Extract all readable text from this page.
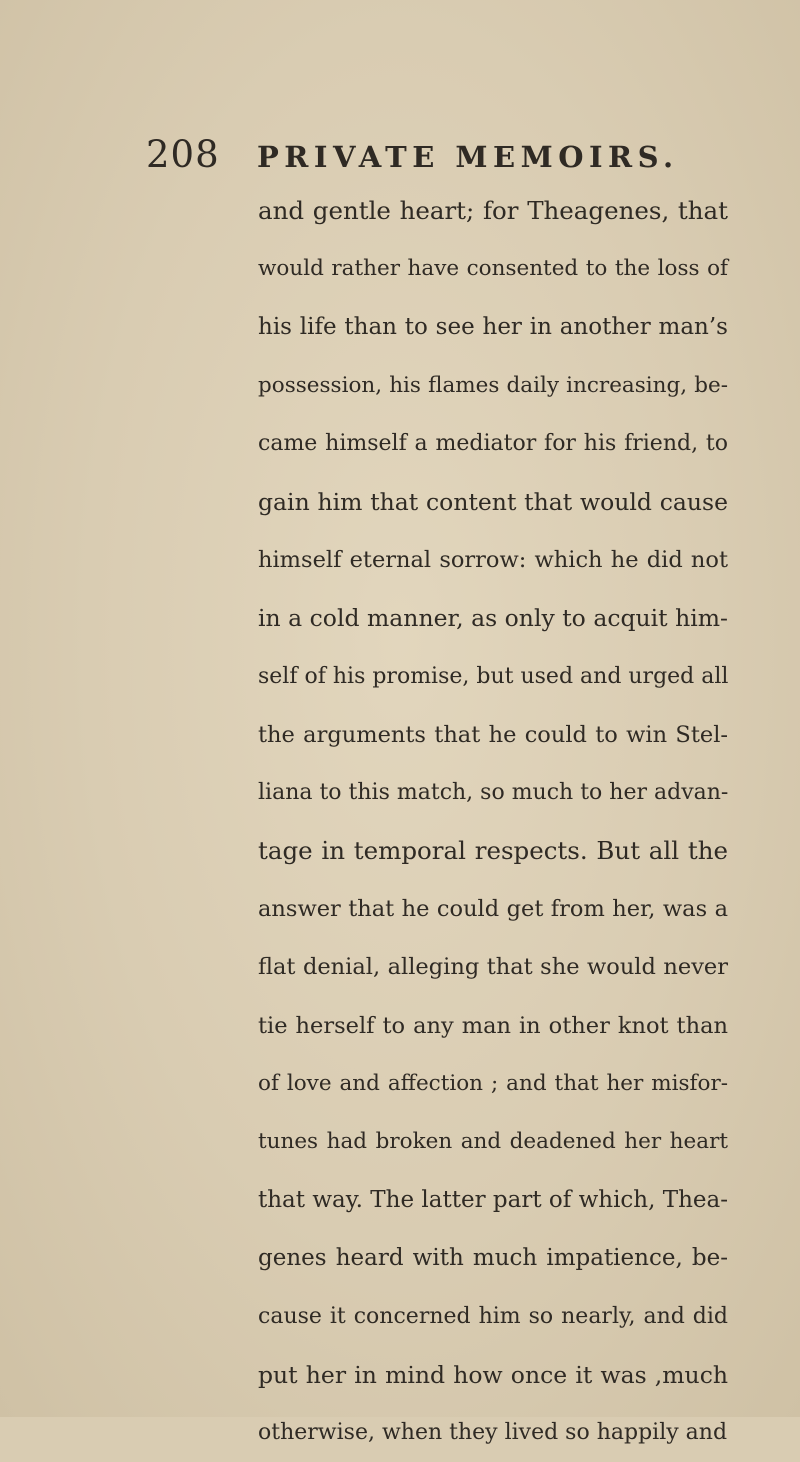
208 PRIVATE MEMOIRS.
and gentle heart; for Theagenes, that
would rather have consented to the loss of
his life than to see her in another man’s
possession, his flames daily increasing, be-
came himself a mediator for his friend, to
gain him that content that would cause
himself eternal sorrow: which he did not
in a cold manner, as only to acquit him-
self of his promise, but used and urged all
the arguments that he could to win Stel-
liana to this match, so much to her advan-
tage in temporal respects. But all the
answer that he could get from her, was a
flat denial, alleging that she would never
tie herself to any man in other knot than
of love and affection ; and that her misfor-
tunes had broken and deadened her heart
that way. The latter part of which, Thea-
genes heard with much impatience, be-
cause it concerned him so nearly, and did
put her in mind how once it was ,much
otherwise, when they lived so happily and
